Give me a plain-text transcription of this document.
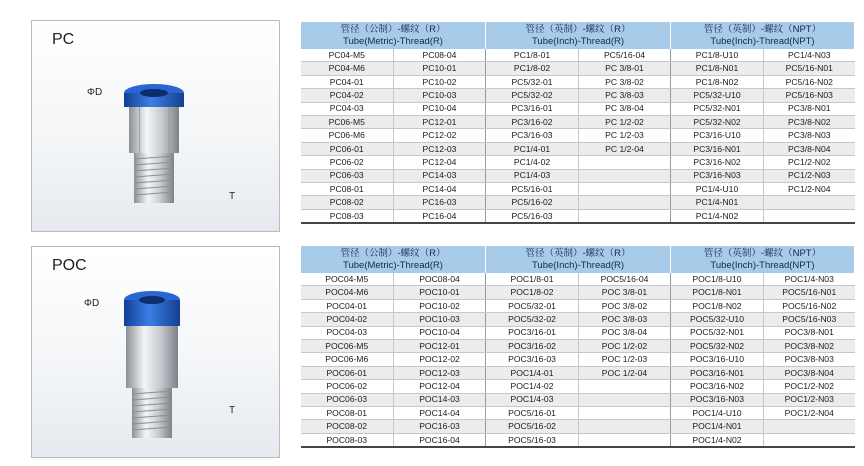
PC
ΦD
T
管径（公制）-螺纹（R）
Tube(Metric)-Thread(R)		管径（英制）-螺纹（R）
Tube(Inch)-Thread(R)		管径（英制）-螺纹（NPT）
Tube(Inch)-Thread(NPT)	

PC04-M5	PC08-04	PC1/8-01	PC5/16-04	PC1/8-U10	PC1/4-N03
PC04-M6	PC10-01	PC1/8-02	PC 3/8-01	PC1/8-N01	PC5/16-N01
PC04-01	PC10-02	PC5/32-01	PC 3/8-02	PC1/8-N02	PC5/16-N02
PC04-02	PC10-03	PC5/32-02	PC 3/8-03	PC5/32-U10	PC5/16-N03
PC04-03	PC10-04	PC3/16-01	PC 3/8-04	PC5/32-N01	PC3/8-N01
PC06-M5	PC12-01	PC3/16-02	PC 1/2-02	PC5/32-N02	PC3/8-N02
PC06-M6	PC12-02	PC3/16-03	PC 1/2-03	PC3/16-U10	PC3/8-N03
PC06-01	PC12-03	PC1/4-01	PC 1/2-04	PC3/16-N01	PC3/8-N04
PC06-02	PC12-04	PC1/4-02		PC3/16-N02	PC1/2-N02
PC06-03	PC14-03	PC1/4-03		PC3/16-N03	PC1/2-N03
PC08-01	PC14-04	PC5/16-01		PC1/4-U10	PC1/2-N04
PC08-02	PC16-03	PC5/16-02		PC1/4-N01	
PC08-03	PC16-04	PC5/16-03		PC1/4-N02	
POC
ΦD
T
管径（公制）-螺纹（R）
Tube(Metric)-Thread(R)		管径（英制）-螺纹（R）
Tube(Inch)-Thread(R)		管径（英制）-螺纹（NPT）
Tube(Inch)-Thread(NPT)	

POC04-M5	POC08-04	POC1/8-01	POC5/16-04	POC1/8-U10	POC1/4-N03
POC04-M6	POC10-01	POC1/8-02	POC 3/8-01	POC1/8-N01	POC5/16-N01
POC04-01	POC10-02	POC5/32-01	POC 3/8-02	POC1/8-N02	POC5/16-N02
POC04-02	POC10-03	POC5/32-02	POC 3/8-03	POC5/32-U10	POC5/16-N03
POC04-03	POC10-04	POC3/16-01	POC 3/8-04	POC5/32-N01	POC3/8-N01
POC06-M5	POC12-01	POC3/16-02	POC 1/2-02	POC5/32-N02	POC3/8-N02
POC06-M6	POC12-02	POC3/16-03	POC 1/2-03	POC3/16-U10	POC3/8-N03
POC06-01	POC12-03	POC1/4-01	POC 1/2-04	POC3/16-N01	POC3/8-N04
POC06-02	POC12-04	POC1/4-02		POC3/16-N02	POC1/2-N02
POC06-03	POC14-03	POC1/4-03		POC3/16-N03	POC1/2-N03
POC08-01	POC14-04	POC5/16-01		POC1/4-U10	POC1/2-N04
POC08-02	POC16-03	POC5/16-02		POC1/4-N01	
POC08-03	POC16-04	POC5/16-03		POC1/4-N02	
